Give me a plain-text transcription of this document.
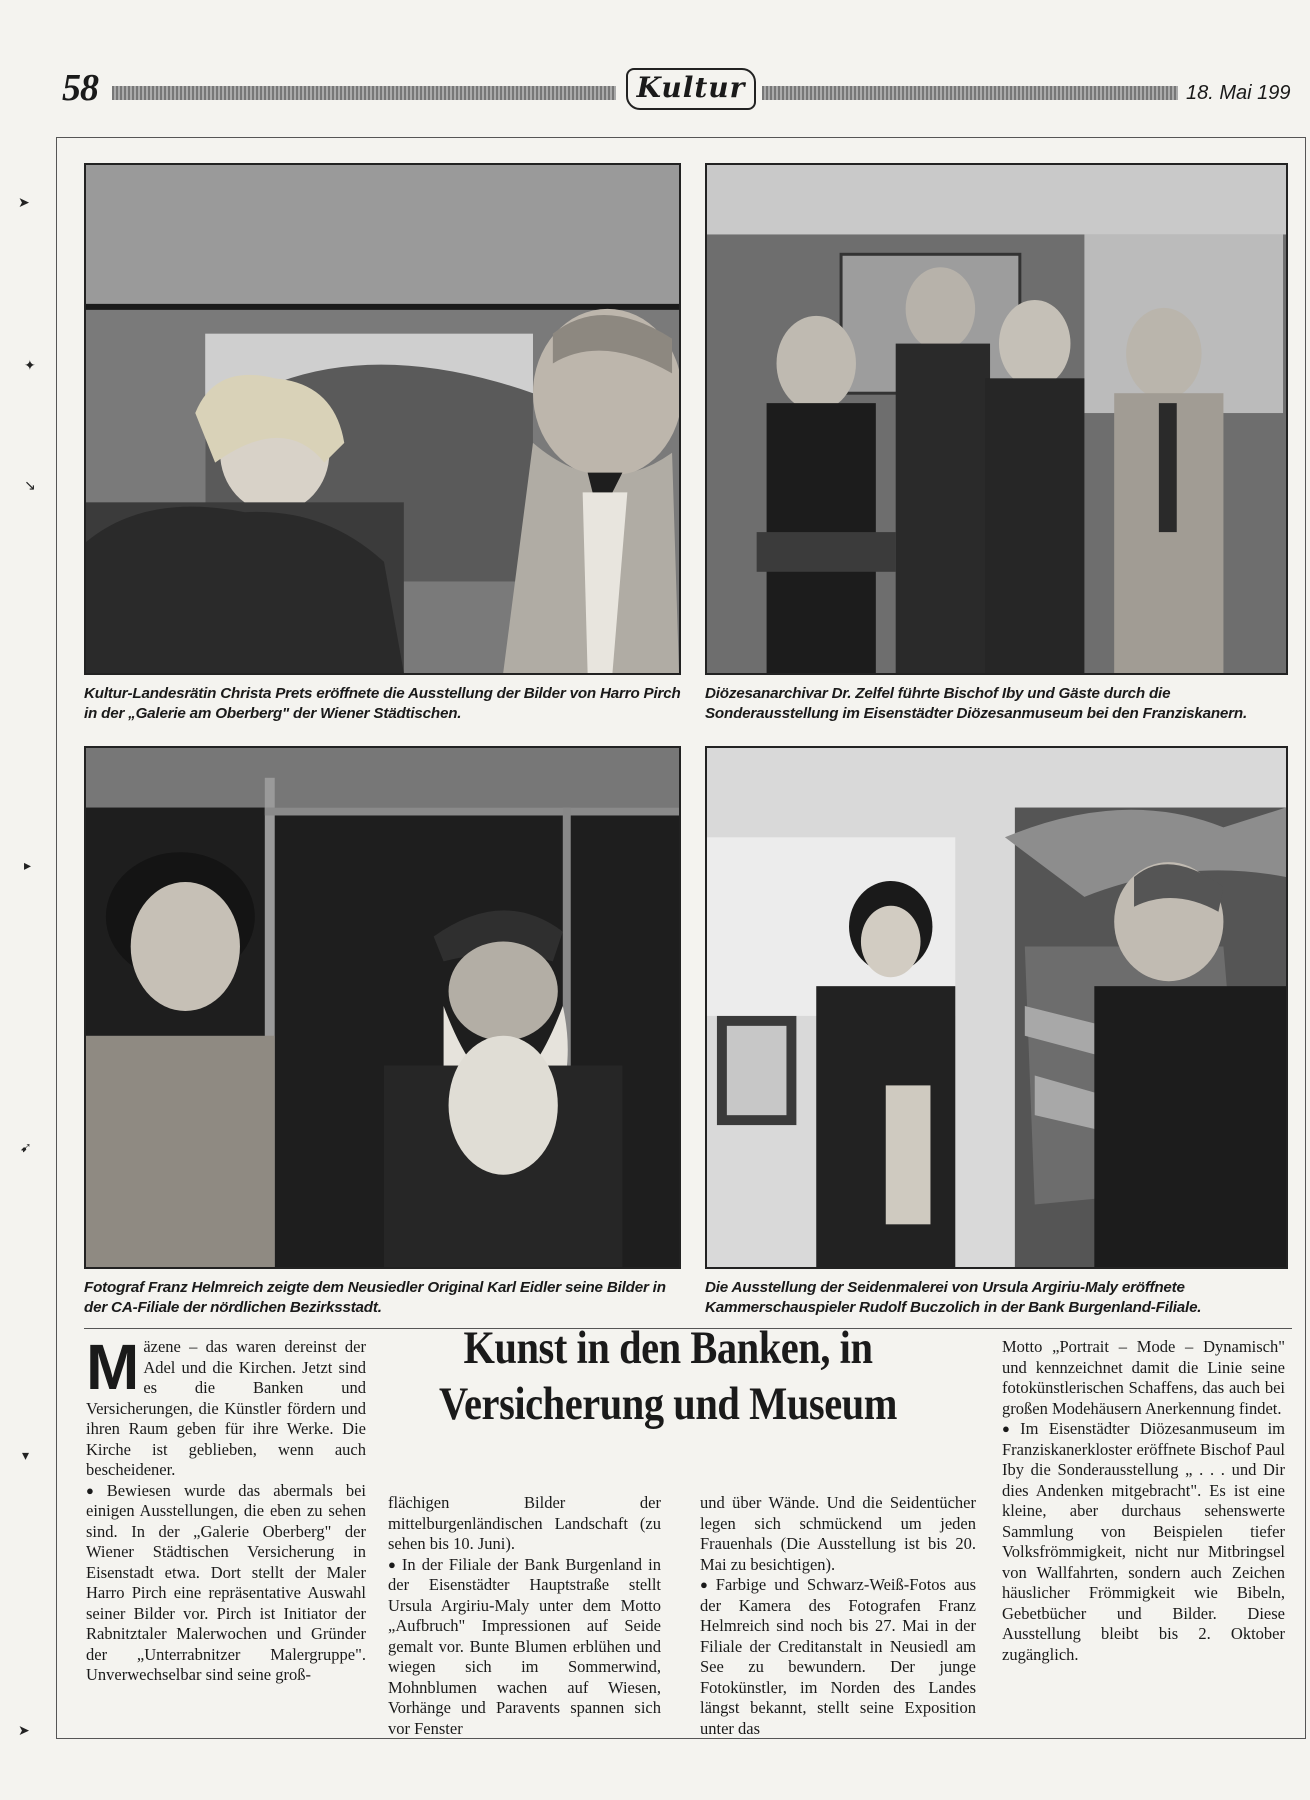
58	Kultur	18. Mai 199
➤
✦
↘
▸
➹
▾
➤
Kultur-Landesrätin Christa Prets eröffnete die Ausstellung der Bilder von Harro Pirch in der „Galerie am Oberberg" der Wiener Städtischen.
Diözesanarchivar Dr. Zelfel führte Bischof Iby und Gäste durch die Sonderausstellung im Eisenstädter Diözesanmuseum bei den Franziskanern.
Fotograf Franz Helmreich zeigte dem Neusiedler Original Karl Eidler seine Bilder in der CA-Filiale der nördlichen Bezirksstadt.
Die Ausstellung der Seidenmalerei von Ursula Argiriu-Maly eröffnete Kammerschauspieler Rudolf Buczolich in der Bank Burgenland-Filiale.

Mäzene – das waren dereinst der Adel und die Kirchen. Jetzt sind es die Banken und Versicherungen, die Künstler fördern und ihren Raum geben für ihre Werke. Die Kirche ist geblieben, wenn auch bescheidener.

● Bewiesen wurde das abermals bei einigen Ausstellungen, die eben zu sehen sind. In der „Galerie Oberberg" der Wiener Städtischen Versicherung in Eisenstadt etwa. Dort stellt der Maler Harro Pirch eine repräsentative Auswahl seiner Bilder vor. Pirch ist Initiator der Rabnitztaler Malerwochen und Gründer der „Unterrabnitzer Malergruppe". Unverwechselbar sind seine groß-

Kunst in den Banken, in Versicherung und Museum

flächigen Bilder der mittelburgenländischen Landschaft (zu sehen bis 10. Juni).

● In der Filiale der Bank Burgenland in der Eisenstädter Hauptstraße stellt Ursula Argiriu-Maly unter dem Motto „Aufbruch" Impressionen auf Seide gemalt vor. Bunte Blumen erblühen und wiegen sich im Sommerwind, Mohnblumen wachen auf Wiesen, Vorhänge und Paravents spannen sich vor Fenster

und über Wände. Und die Seidentücher legen sich schmückend um jeden Frauenhals (Die Ausstellung ist bis 20. Mai zu besichtigen).

● Farbige und Schwarz-Weiß-Fotos aus der Kamera des Fotografen Franz Helmreich sind noch bis 27. Mai in der Filiale der Creditanstalt in Neusiedl am See zu bewundern. Der junge Fotokünstler, im Norden des Landes längst bekannt, stellt seine Exposition unter das

Motto „Portrait – Mode – Dynamisch" und kennzeichnet damit die Linie seine fotokünstlerischen Schaffens, das auch bei großen Modehäusern Anerkennung findet.

● Im Eisenstädter Diözesanmuseum im Franziskanerkloster eröffnete Bischof Paul Iby die Sonderausstellung „ . . . und Dir dies Andenken mitgebracht". Es ist eine kleine, aber durchaus sehenswerte Sammlung von Beispielen tiefer Volksfrömmigkeit, nicht nur Mitbringsel von Wallfahrten, sondern auch Zeichen häuslicher Frömmigkeit wie Bibeln, Gebetbücher und Bilder. Diese Ausstellung bleibt bis 2. Oktober zugänglich.
